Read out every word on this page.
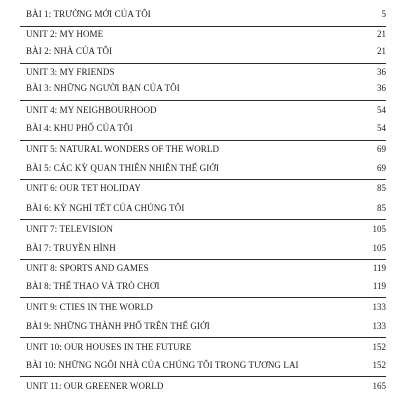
BÀI 1: TRƯỜNG MỚI CỦA TÔI	5
UNIT 2: MY HOME	21
BÀI 2: NHÀ CỦA TÔI	21
UNIT 3: MY FRIENDS	36
BÀI 3: NHỮNG NGƯỜI BẠN CỦA TÔI	36
UNIT 4: MY NEIGHBOURHOOD	54
BÀI 4: KHU PHỐ CỦA TÔI	54
UNIT 5: NATURAL WONDERS OF THE WORLD	69
BÀI 5: CÁC KỲ QUAN THIÊN NHIÊN THẾ GIỚI	69
UNIT 6: OUR TET HOLIDAY	85
BÀI 6: KỲ NGHỈ TẾT CỦA CHÚNG TÔI	85
UNIT 7: TELEVISION	105
BÀI 7: TRUYỀN HÌNH	105
UNIT 8: SPORTS AND GAMES	119
BÀI 8: THỂ THAO VÀ TRÒ CHƠI	119
UNIT 9: CTIES IN THE WORLD	133
BÀI 9: NHỮNG THÀNH PHỐ TRÊN THẾ GIỚI	133
UNIT 10: OUR HOUSES IN THE FUTURE	152
BÀI 10: NHỮNG NGÔI NHÀ CỦA CHÚNG TÔI TRONG TƯƠNG LAI	152
UNIT 11: OUR GREENER WORLD	165
